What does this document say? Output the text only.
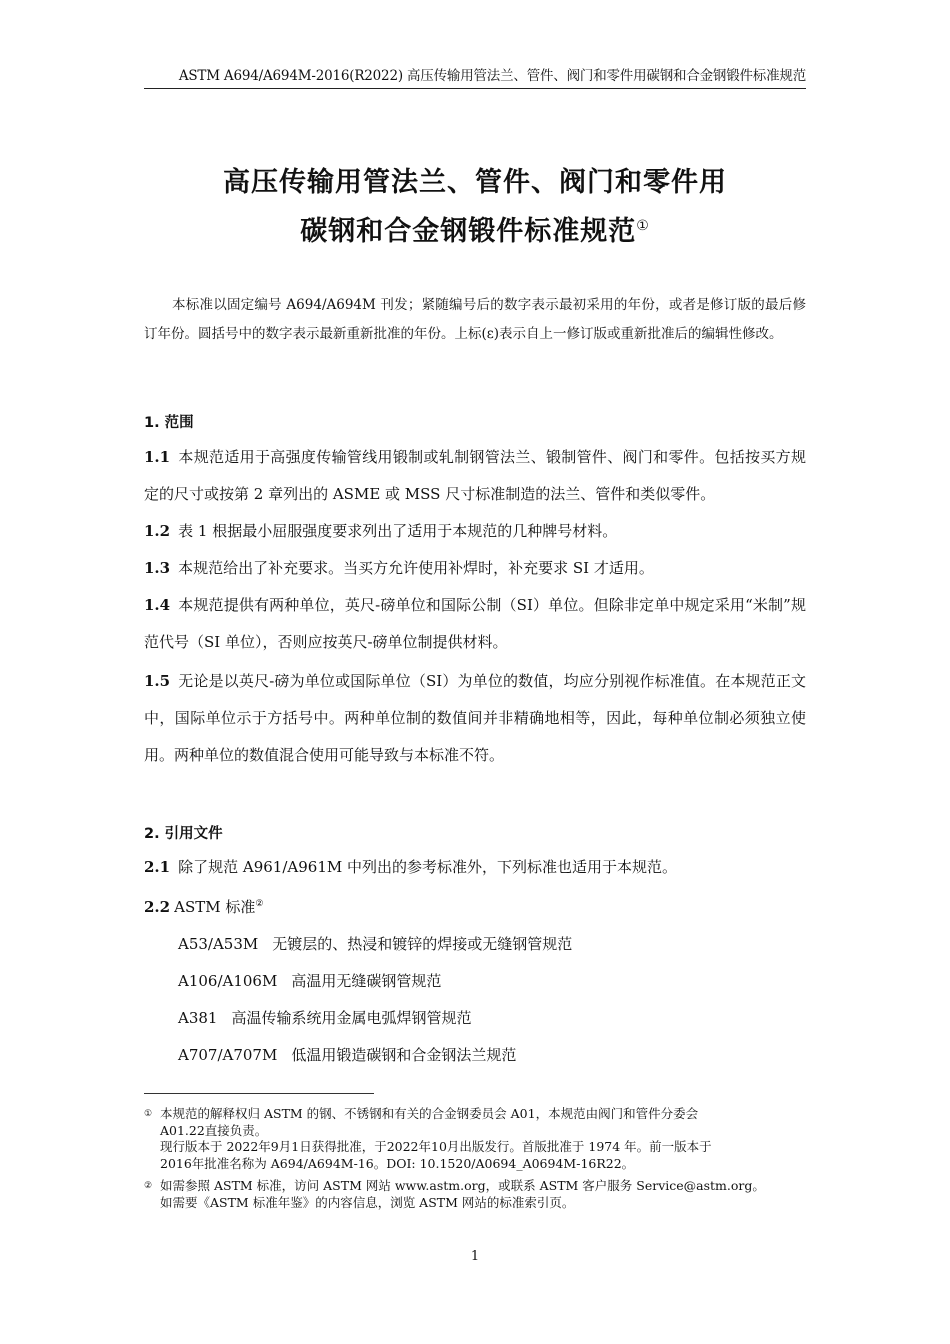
ASTM A694/A694M-2016(R2022) 高压传输用管法兰、管件、阀门和零件用碳钢和合金钢锻件标准规范
高压传输用管法兰、管件、阀门和零件用
碳钢和合金钢锻件标准规范①
本标准以固定编号 A694/A694M 刊发；紧随编号后的数字表示最初采用的年份，或者是修订版的最后修订年份。圆括号中的数字表示最新重新批准的年份。上标(ε)表示自上一修订版或重新批准后的编辑性修改。
1. 范围
1.1 本规范适用于高强度传输管线用锻制或轧制钢管法兰、锻制管件、阀门和零件。包括按买方规定的尺寸或按第 2 章列出的 ASME 或 MSS 尺寸标准制造的法兰、管件和类似零件。
1.2 表 1 根据最小屈服强度要求列出了适用于本规范的几种牌号材料。
1.3 本规范给出了补充要求。当买方允许使用补焊时，补充要求 SI 才适用。
1.4 本规范提供有两种单位，英尺-磅单位和国际公制（SI）单位。但除非定单中规定采用“米制”规范代号（SI 单位），否则应按英尺-磅单位制提供材料。
1.5 无论是以英尺-磅为单位或国际单位（SI）为单位的数值，均应分别视作标准值。在本规范正文中，国际单位示于方括号中。两种单位制的数值间并非精确地相等，因此，每种单位制必须独立使用。两种单位的数值混合使用可能导致与本标准不符。
2. 引用文件
2.1 除了规范 A961/A961M 中列出的参考标准外，下列标准也适用于本规范。
2.2 ASTM 标准②
A53/A53M 无镀层的、热浸和镀锌的焊接或无缝钢管规范
A106/A106M 高温用无缝碳钢管规范
A381 高温传输系统用金属电弧焊钢管规范
A707/A707M 低温用锻造碳钢和合金钢法兰规范
① 本规范的解释权归 ASTM 的钢、不锈钢和有关的合金钢委员会 A01，本规范由阀门和管件分委会
A01.22直接负责。
现行版本于 2022年9月1日获得批准，于2022年10月出版发行。首版批准于 1974 年。前一版本于
2016年批准名称为 A694/A694M-16。DOI: 10.1520/A0694_A0694M-16R22。
② 如需参照 ASTM 标准，访问 ASTM 网站 www.astm.org，或联系 ASTM 客户服务 Service@astm.org。
如需要《ASTM 标准年鉴》的内容信息，浏览 ASTM 网站的标准索引页。
1
